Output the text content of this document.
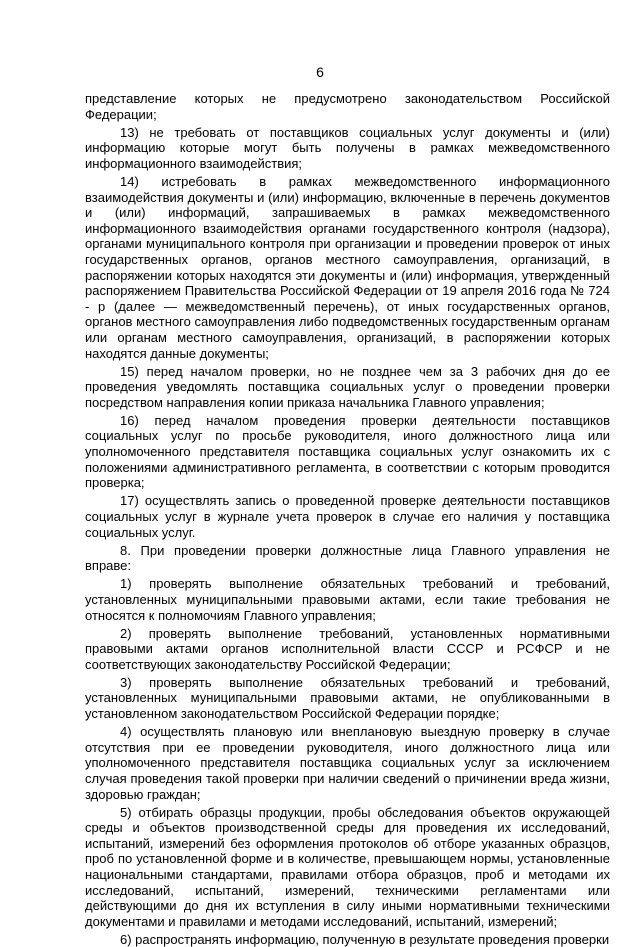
6

представление которых не предусмотрено законодательством Российской Федерации;

13) не требовать от поставщиков социальных услуг документы и (или) информацию которые могут быть получены в рамках межведомственного информационного взаимодействия;

14) истребовать в рамках межведомственного информационного взаимодействия документы и (или) информацию, включенные в перечень документов и (или) информаций, запрашиваемых в рамках межведомственного информационного взаимодействия органами государственного контроля (надзора), органами муниципального контроля при организации и проведении проверок от иных государственных органов, органов местного самоуправления, организаций, в распоряжении которых находятся эти документы и (или) информация, утвержденный распоряжением Правительства Российской Федерации от 19 апреля 2016 года № 724 - р (далее — межведомственный перечень), от иных государственных органов, органов местного самоуправления либо подведомственных государственным органам или органам местного самоуправления, организаций, в распоряжении которых находятся данные документы;

15) перед началом проверки, но не позднее чем за 3 рабочих дня до ее проведения уведомлять поставщика социальных услуг о проведении проверки посредством направления копии приказа начальника Главного управления;

16) перед началом проведения проверки деятельности поставщиков социальных услуг по просьбе руководителя, иного должностного лица или уполномоченного представителя поставщика социальных услуг ознакомить их с положениями административного регламента, в соответствии с которым проводится проверка;

17) осуществлять запись о проведенной проверке деятельности поставщиков социальных услуг в журнале учета проверок в случае его наличия у поставщика социальных услуг.

8. При проведении проверки должностные лица Главного управления не вправе:

1) проверять выполнение обязательных требований и требований, установленных муниципальными правовыми актами, если такие требования не относятся к полномочиям Главного управления;

2) проверять выполнение требований, установленных нормативными правовыми актами органов исполнительной власти СССР и РСФСР и не соответствующих законодательству Российской Федерации;

3) проверять выполнение обязательных требований и требований, установленных муниципальными правовыми актами, не опубликованными в установленном законодательством Российской Федерации порядке;

4) осуществлять плановую или внеплановую выездную проверку в случае отсутствия при ее проведении руководителя, иного должностного лица или уполномоченного представителя поставщика социальных услуг за исключением случая проведения такой проверки при наличии сведений о причинении вреда жизни, здоровью граждан;

5) отбирать образцы продукции, пробы обследования объектов окружающей среды и объектов производственной среды для проведения их исследований, испытаний, измерений без оформления протоколов об отборе указанных образцов, проб по установленной форме и в количестве, превышающем нормы, установленные национальными стандартами, правилами отбора образцов, проб и методами их исследований, испытаний, измерений, техническими регламентами или действующими до дня их вступления в силу иными нормативными техническими документами и правилами и методами исследований, испытаний, измерений;

6) распространять информацию, полученную в результате проведения проверки
